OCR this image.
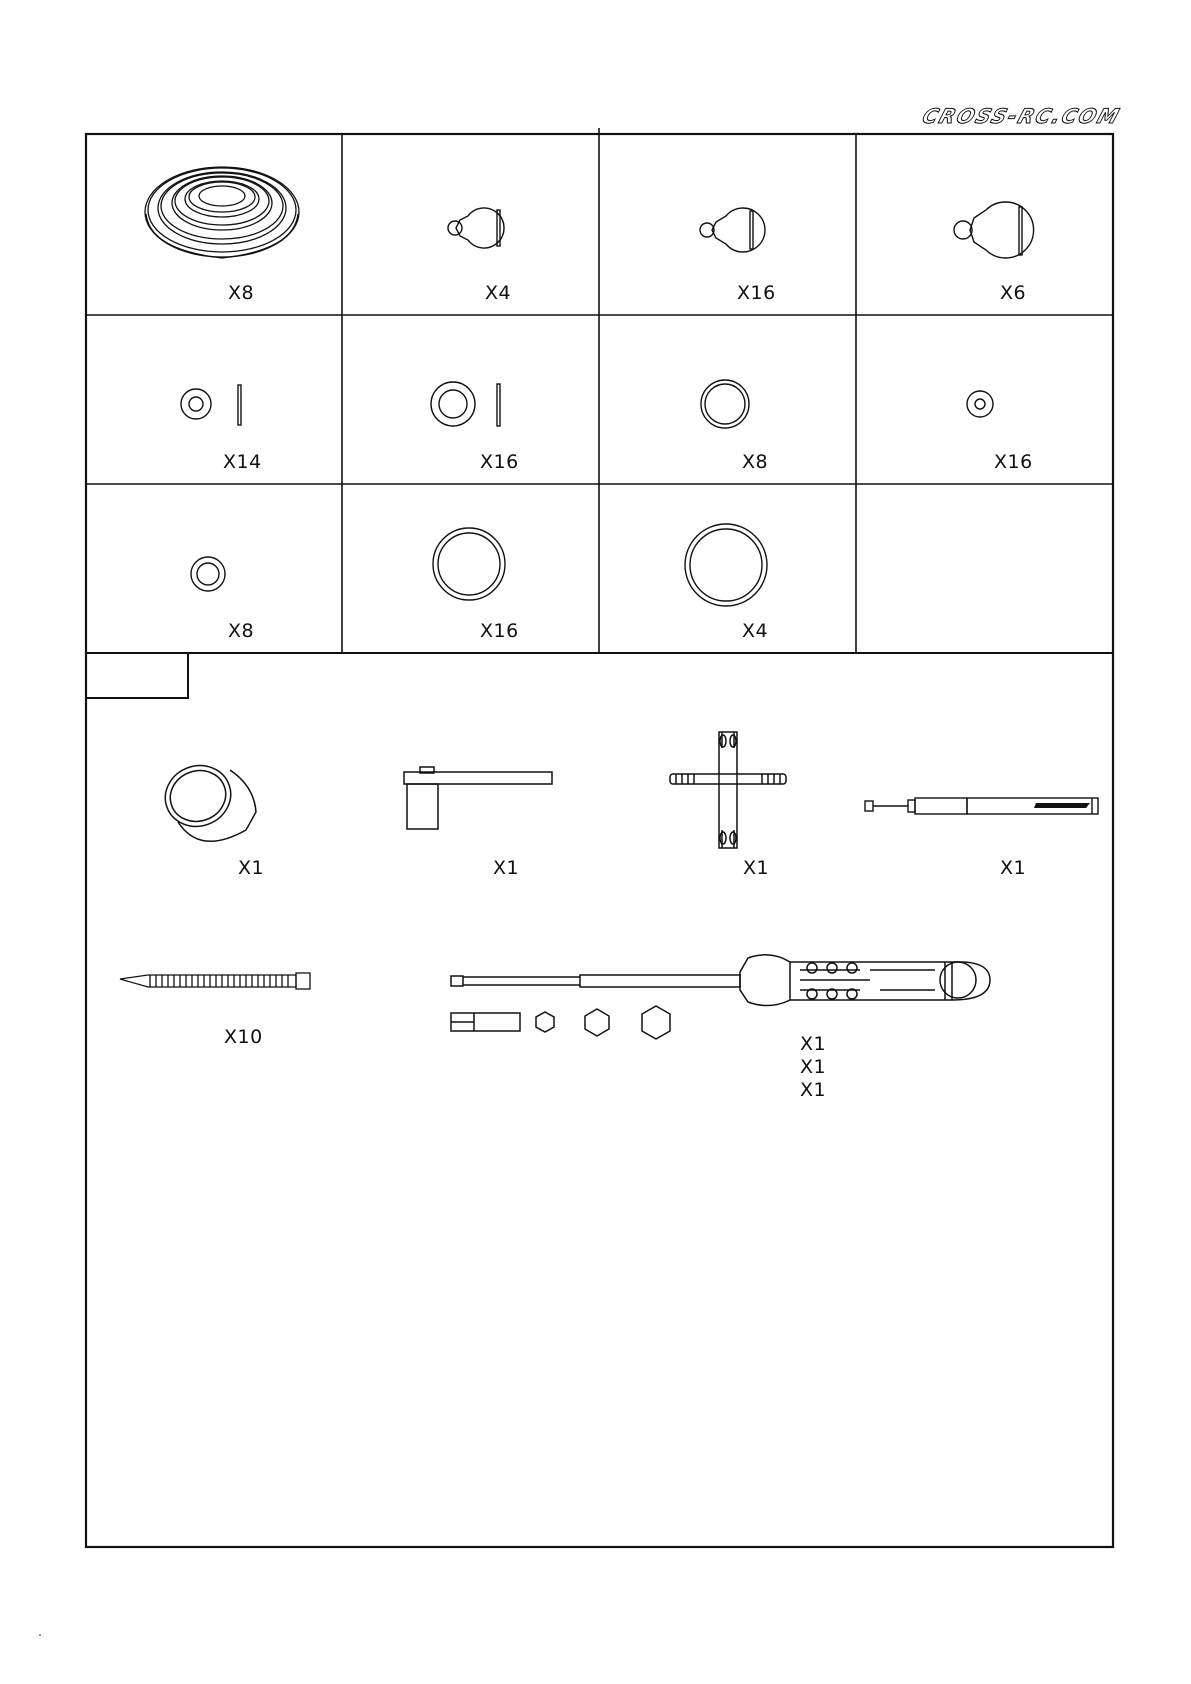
CROSS-RC.COM
X8	X4	X16	X6
X14	X16	X8	X16
X8	X16	X4
X1	X1	X1	X1
X10	X1
X1
X1
